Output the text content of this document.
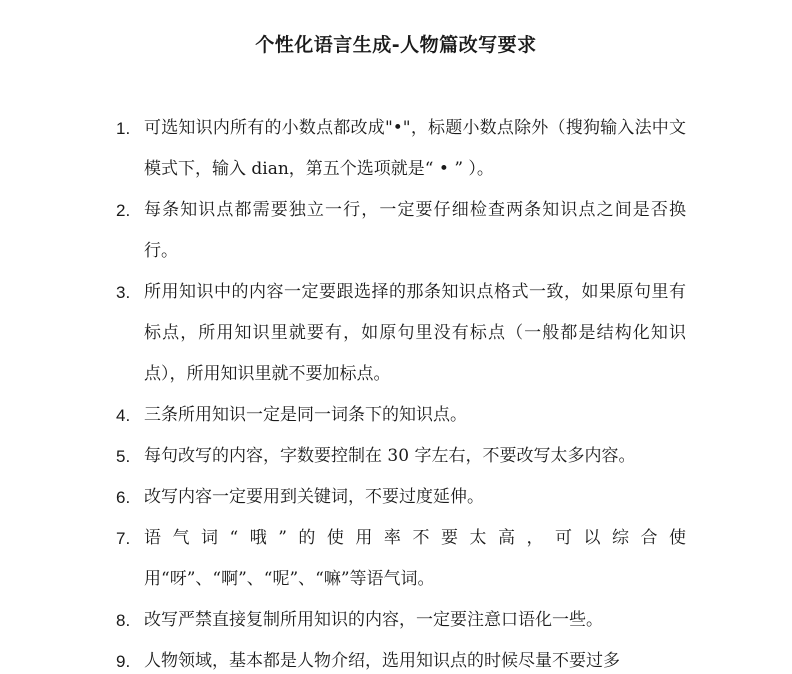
个性化语言生成-人物篇改写要求
1. 可选知识内所有的小数点都改成"•"，标题小数点除外（搜狗输入法中文模式下，输入 dian，第五个选项就是“ • ” ）。
2. 每条知识点都需要独立一行，一定要仔细检查两条知识点之间是否换行。
3. 所用知识中的内容一定要跟选择的那条知识点格式一致，如果原句里有标点，所用知识里就要有，如原句里没有标点（一般都是结构化知识点），所用知识里就不要加标点。
4. 三条所用知识一定是同一词条下的知识点。
5. 每句改写的内容，字数要控制在 30 字左右，不要改写太多内容。
6. 改写内容一定要用到关键词，不要过度延伸。
7. 语气词“哦”的使用率不要太高，可以综合使用“呀”、“啊”、“呢”、“嘛”等语气词。
8. 改写严禁直接复制所用知识的内容，一定要注意口语化一些。
9. 人物领域，基本都是人物介绍，选用知识点的时候尽量不要过多
